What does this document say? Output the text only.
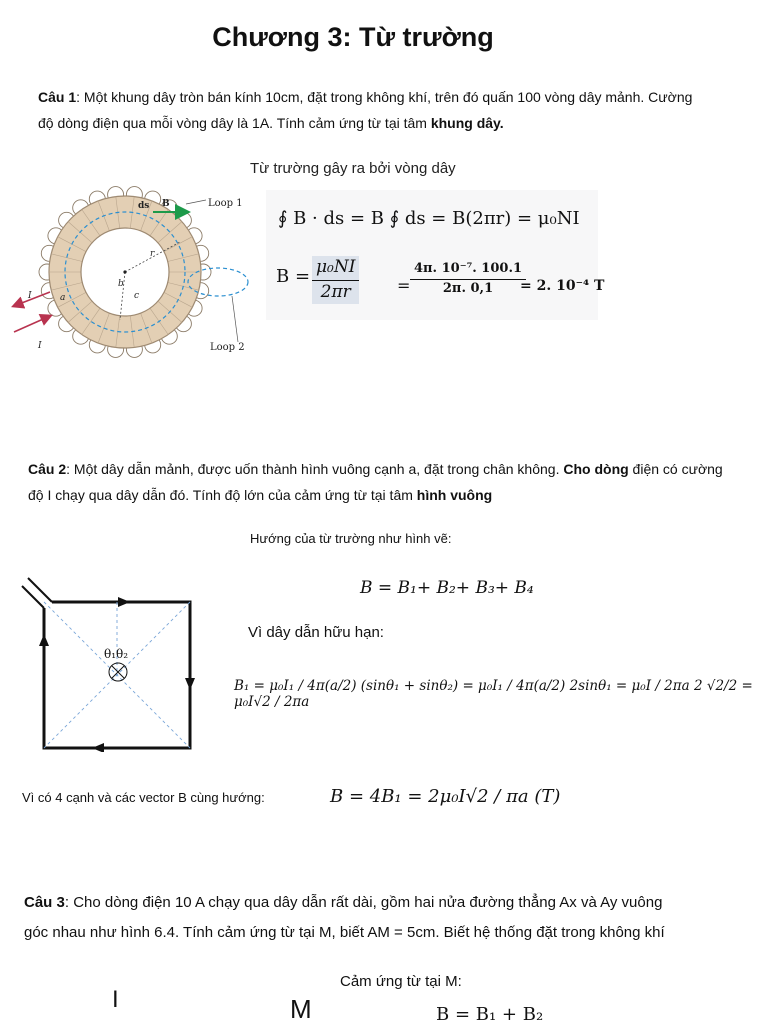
Chương 3: Từ trường
Câu 1: Một khung dây tròn bán kính 10cm, đặt trong không khí, trên đó quấn 100 vòng dây mảnh. Cường
độ dòng điện qua mỗi vòng dây là 1A. Tính cảm ứng từ tại tâm khung dây.
Từ trường gây ra bởi vòng dây
Loop 1
Loop 2
ds B
r
b
c
a
I
I
∮ B · ds = B ∮ ds = B(2πr) = μ₀NI
$B = \frac{\text{μ₀NI}}{2\pi r} = \frac{\text{4π. 10⁻⁷. 100.1}}{2\pi. 0,1}$
= 2. 10⁻⁴ T
Câu 2: Một dây dẫn mảnh, được uốn thành hình vuông cạnh a, đặt trong chân không. Cho dòng điện có cường
độ I chạy qua dây dẫn đó. Tính độ lớn của cảm ứng từ tại tâm hình vuông
Hướng của từ trường như hình vẽ:
θ₁θ₂
B = B₁+ B₂+ B₃+ B₄
Vì dây dẫn hữu hạn:
B₁ = μ₀I₁ / 4π(a/2) (sinθ₁ + sinθ₂) = μ₀I₁ / 4π(a/2) 2sinθ₁ = μ₀I / 2πa 2 √2/2 = μ₀I√2 / 2πa
Vì có 4 cạnh và các vector B cùng hướng:	B = 4B₁ = 2μ₀I√2 / πa (T)
Câu 3: Cho dòng điện 10 A chạy qua dây dẫn rất dài, gồm hai nửa đường thẳng Ax và Ay vuông
góc nhau như hình 6.4. Tính cảm ứng từ tại M, biết AM = 5cm. Biết hệ thống đặt trong không khí
Cảm ứng từ tại M:
I	M	B = B₁ + B₂
